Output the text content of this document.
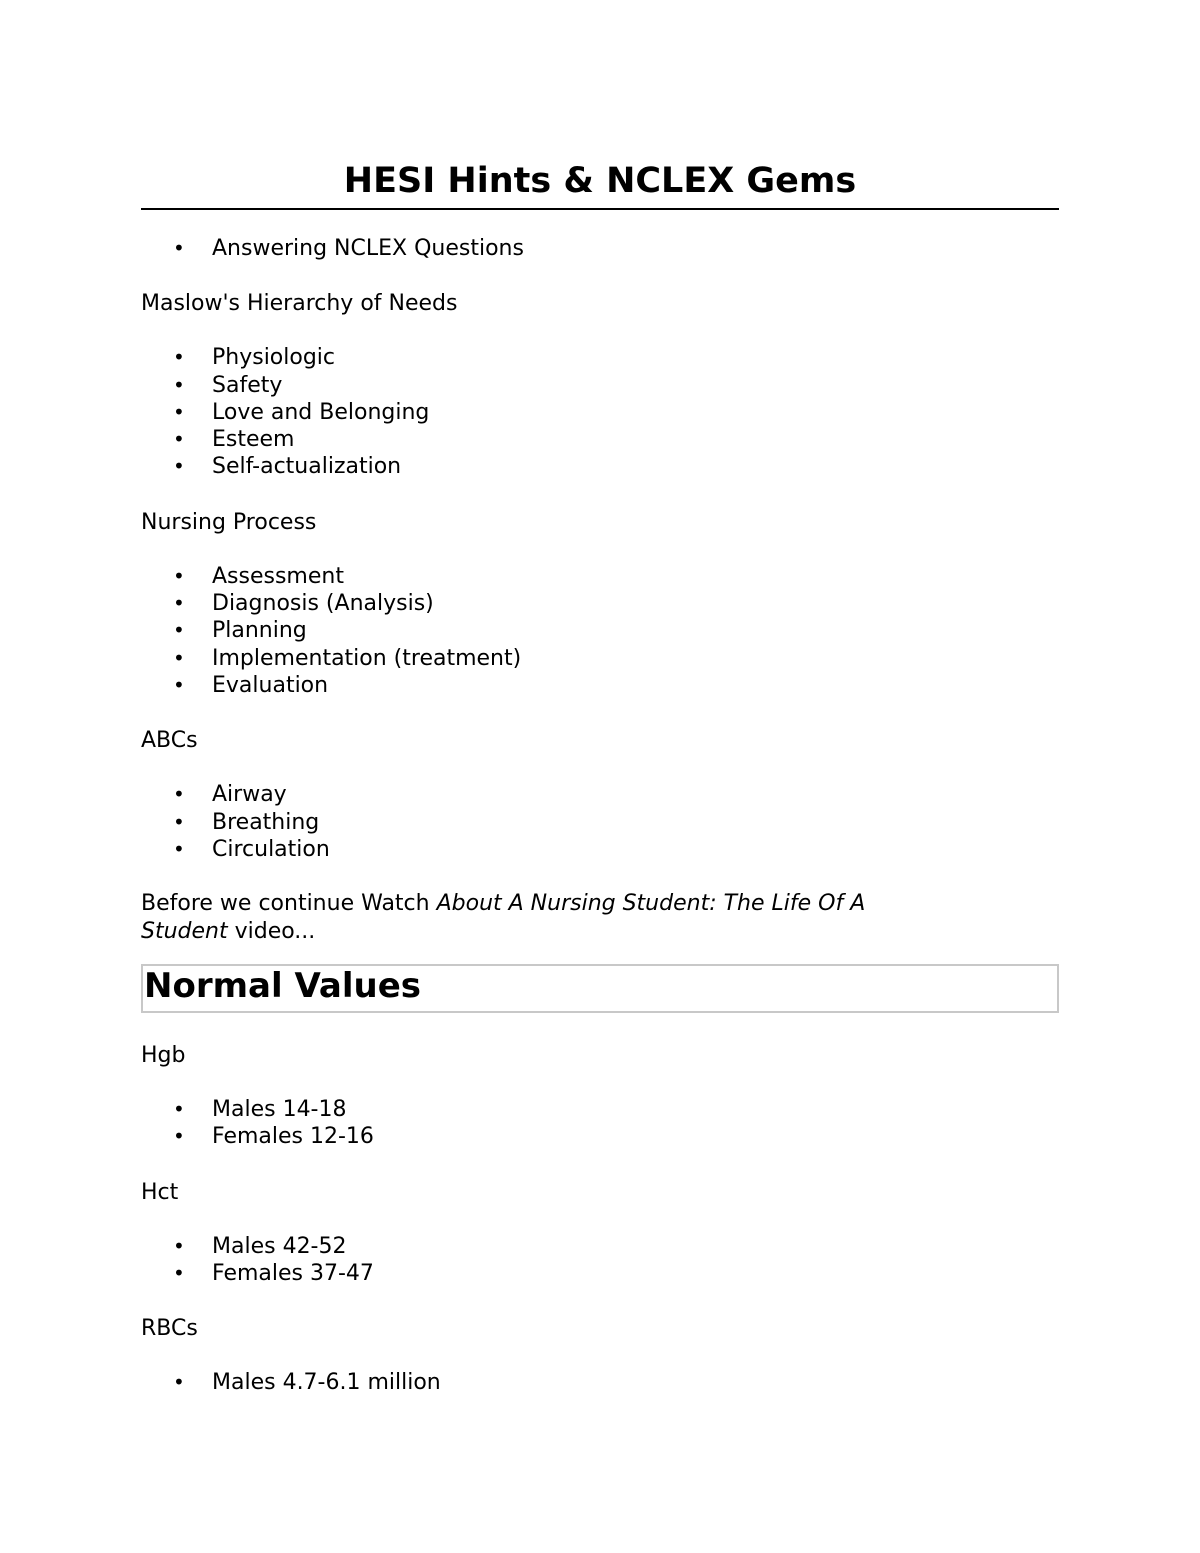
HESI Hints & NCLEX Gems
• Answering NCLEX Questions

Maslow's Hierarchy of Needs

• Physiologic
• Safety
• Love and Belonging
• Esteem
• Self-actualization

Nursing Process

• Assessment
• Diagnosis (Analysis)
• Planning
• Implementation (treatment)
• Evaluation

ABCs

• Airway
• Breathing
• Circulation

Before we continue Watch About A Nursing Student: The Life Of A
Student video...

Normal Values

Hgb

• Males 14-18
• Females 12-16

Hct

• Males 42-52
• Females 37-47

RBCs

• Males 4.7-6.1 million
